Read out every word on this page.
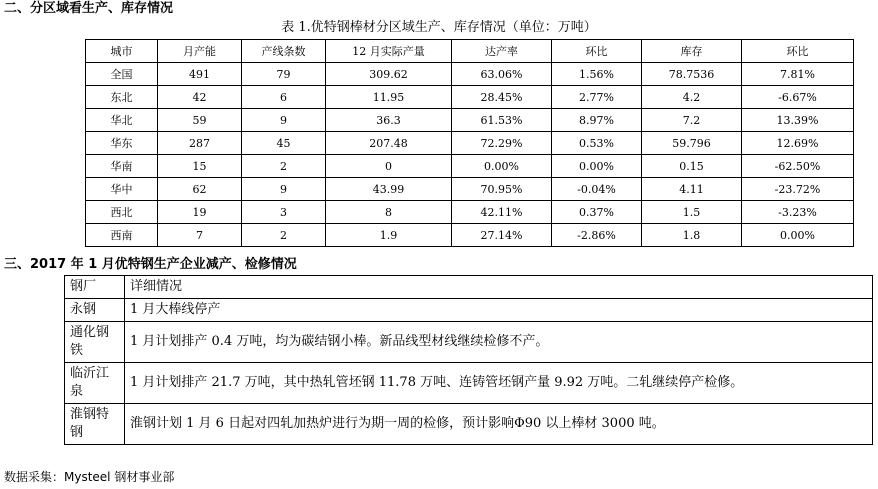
二、分区域看生产、库存情况
表 1.优特钢棒材分区域生产、库存情况（单位：万吨）
城市	月产能	产线条数	12 月实际产量	达产率	环比	库存	环比
全国	491	79	309.62	63.06%	1.56%	78.7536	7.81%
东北	42	6	11.95	28.45%	2.77%	4.2	-6.67%
华北	59	9	36.3	61.53%	8.97%	7.2	13.39%
华东	287	45	207.48	72.29%	0.53%	59.796	12.69%
华南	15	2	0	0.00%	0.00%	0.15	-62.50%
华中	62	9	43.99	70.95%	-0.04%	4.11	-23.72%
西北	19	3	8	42.11%	0.37%	1.5	-3.23%
西南	7	2	1.9	27.14%	-2.86%	1.8	0.00%
三、2017 年 1 月优特钢生产企业减产、检修情况
钢厂	详细情况
永钢	1 月大棒线停产
通化钢铁	1 月计划排产 0.4 万吨，均为碳结钢小棒。新品线型材线继续检修不产。
临沂江泉	1 月计划排产 21.7 万吨，其中热轧管坯钢 11.78 万吨、连铸管坯钢产量 9.92 万吨。二轧继续停产检修。
淮钢特钢	淮钢计划 1 月 6 日起对四轧加热炉进行为期一周的检修，预计影响Φ90 以上棒材 3000 吨。
数据采集：Mysteel 钢材事业部
